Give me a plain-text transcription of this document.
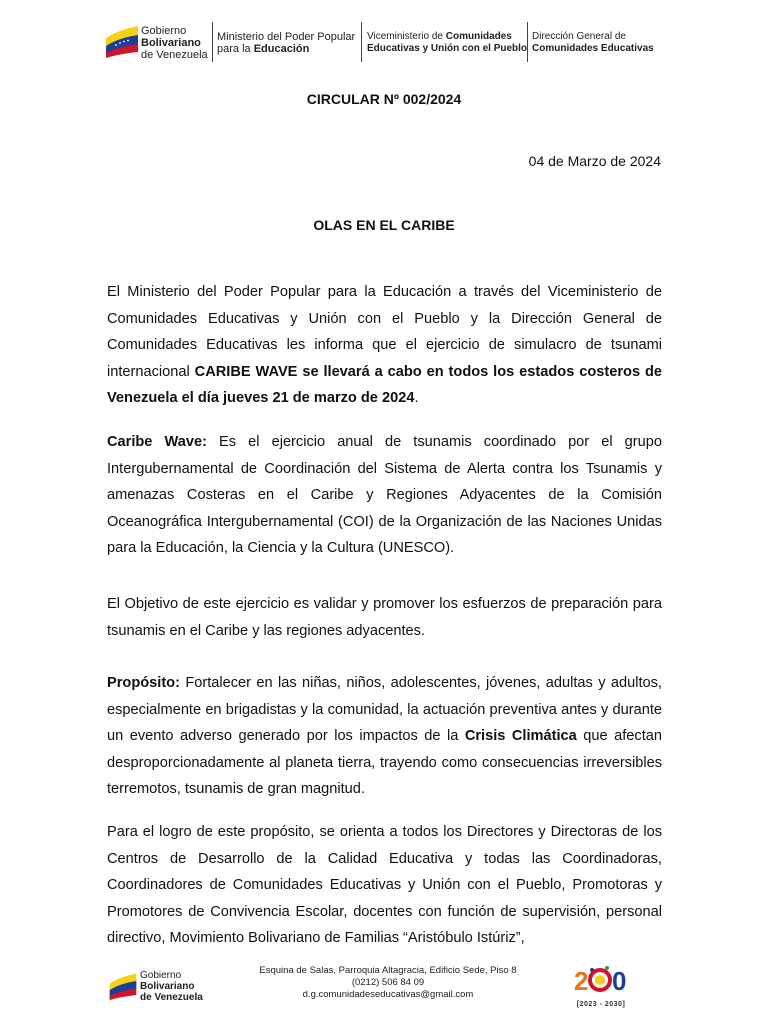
Gobierno
Bolivariano
de Venezuela
Ministerio del Poder Popular
para la Educación
Viceministerio de Comunidades
Educativas y Unión con el Pueblo
Dirección General de
Comunidades Educativas
CIRCULAR Nº 002/2024
04 de Marzo de 2024
OLAS EN EL CARIBE

El Ministerio del Poder Popular para la Educación a través del Viceministerio de Comunidades Educativas y Unión con el Pueblo y la Dirección General de Comunidades Educativas les informa que el ejercicio de simulacro de tsunami internacional CARIBE WAVE se llevará a cabo en todos los estados costeros de Venezuela el día jueves 21 de marzo de 2024.

Caribe Wave: Es el ejercicio anual de tsunamis coordinado por el grupo Intergubernamental de Coordinación del Sistema de Alerta contra los Tsunamis y amenazas Costeras en el Caribe y Regiones Adyacentes de la Comisión Oceanográfica Intergubernamental (COI) de la Organización de las Naciones Unidas para la Educación, la Ciencia y la Cultura (UNESCO).

El Objetivo de este ejercicio es validar y promover los esfuerzos de preparación para tsunamis en el Caribe y las regiones adyacentes.

Propósito: Fortalecer en las niñas, niños, adolescentes, jóvenes, adultas y adultos, especialmente en brigadistas y la comunidad, la actuación preventiva antes y durante un evento adverso generado por los impactos de la Crisis Climática que afectan desproporcionadamente al planeta tierra, trayendo como consecuencias irreversibles terremotos, tsunamis de gran magnitud.

Para el logro de este propósito, se orienta a todos los Directores y Directoras de los Centros de Desarrollo de la Calidad Educativa y todas las Coordinadoras, Coordinadores de Comunidades Educativas y Unión con el Pueblo, Promotoras y Promotores de Convivencia Escolar, docentes con función de supervisión, personal directivo, Movimiento Bolivariano de Familias “Aristóbulo Istúriz”,

Gobierno
Bolivariano
de Venezuela
Esquina de Salas, Parroquia Altagracia, Edificio Sede, Piso 8
(0212) 506 84 09
d.g.comunidadeseducativas@gmail.com	2 0
[2023 - 2030]
